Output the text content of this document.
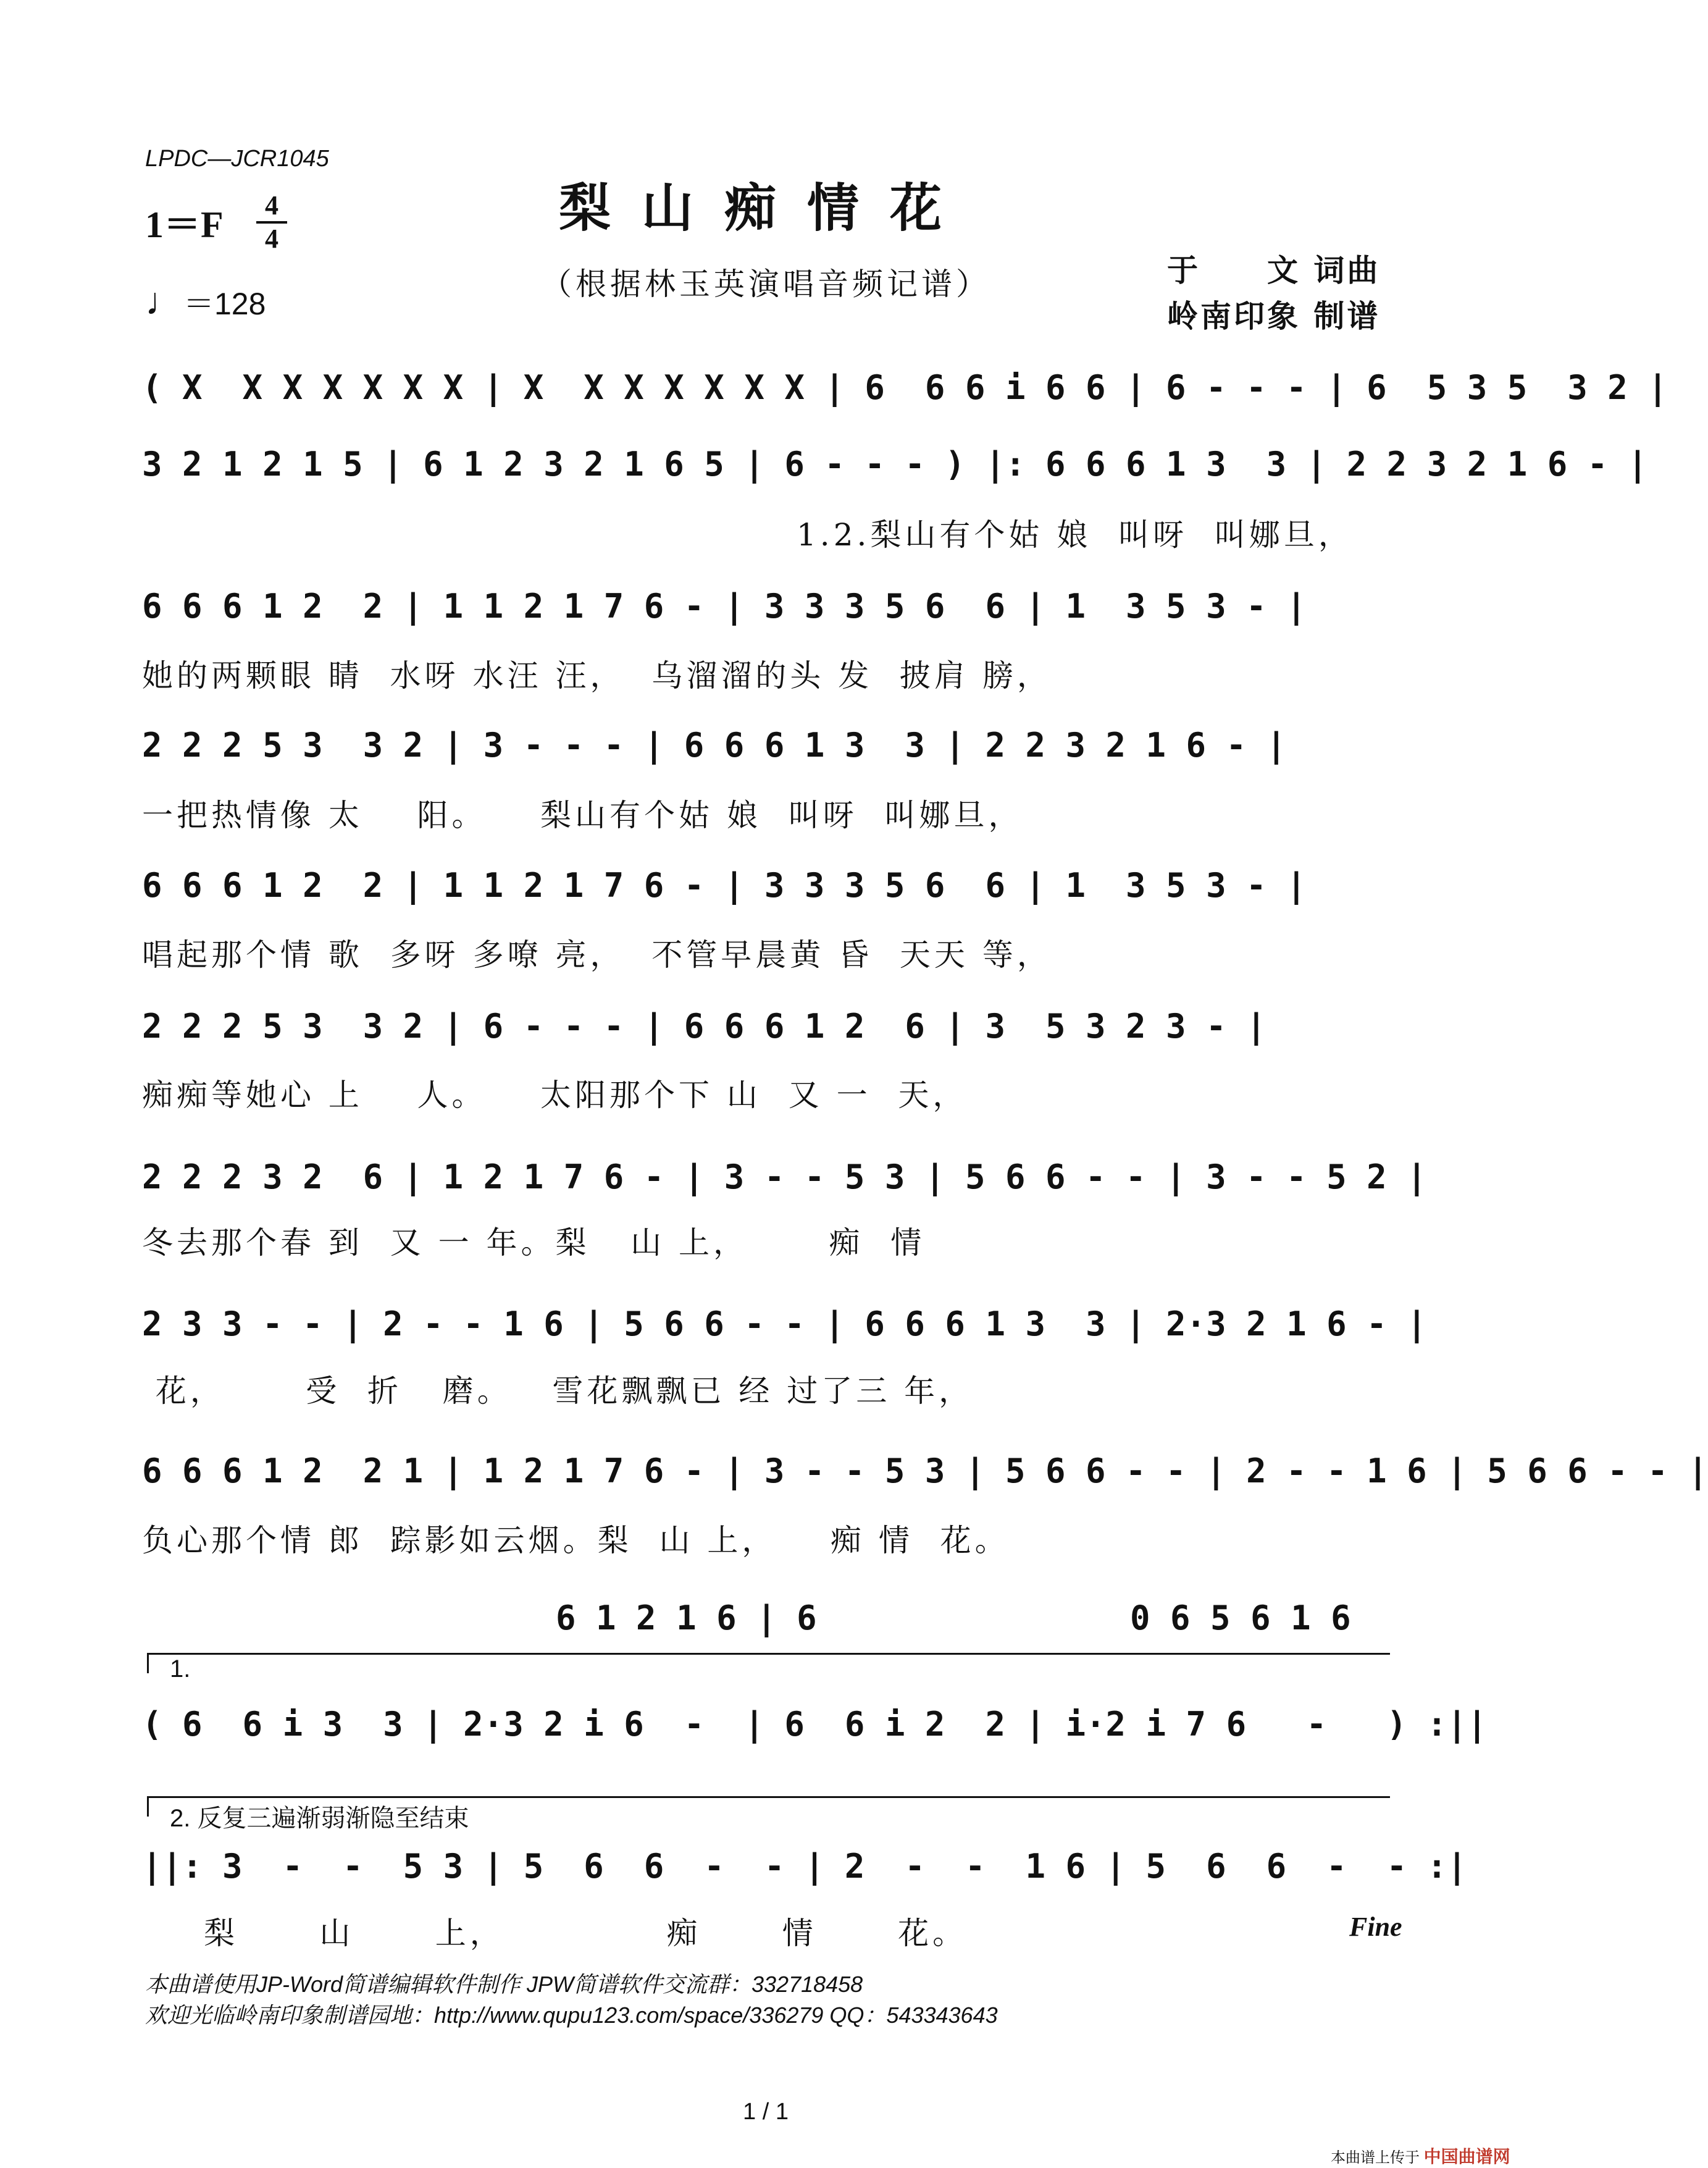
LPDC—JCR1045
梨山痴情花
（根据林玉英演唱音频记谱）
1＝F	4
4
♩＝128
于　　文 词曲
岭南印象 制谱
( X  X X X X X X | X  X X X X X X | 6  6 6 i 6 6 | 6 - - - | 6  5 3 5  3 2 |
3 2 1 2 1 5 | 6 1 2 3 2 1 6 5 | 6 - - - ) |: 6 6 6 1 3  3 | 2 2 3 2 1 6 - |
1.2.梨山有个姑 娘  叫呀  叫娜旦，
6 6 6 1 2  2 | 1 1 2 1 7 6 - | 3 3 3 5 6  6 | 1  3 5 3 - |
她的两颗眼 睛  水呀 水汪 汪，  乌溜溜的头 发  披肩 膀，
2 2 2 5 3  3 2 | 3 - - - | 6 6 6 1 3  3 | 2 2 3 2 1 6 - |
一把热情像 太    阳。    梨山有个姑 娘  叫呀  叫娜旦，
6 6 6 1 2  2 | 1 1 2 1 7 6 - | 3 3 3 5 6  6 | 1  3 5 3 - |
唱起那个情 歌  多呀 多嘹 亮，  不管早晨黄 昏  天天 等，
2 2 2 5 3  3 2 | 6 - - - | 6 6 6 1 2  6 | 3  5 3 2 3 - |
痴痴等她心 上    人。    太阳那个下 山  又 一  天，
2 2 2 3 2  6 | 1 2 1 7 6 - | 3 - - 5 3 | 5 6 6 - - | 3 - - 5 2 |
冬去那个春 到  又 一 年。梨   山 上，      痴  情
2 3 3 - - | 2 - - 1 6 | 5 6 6 - - | 6 6 6 1 3  3 | 2·3 2 1 6 - |
花，      受  折   磨。   雪花飘飘已 经 过了三 年，
6 6 6 1 2  2 1 | 1 2 1 7 6 - | 3 - - 5 3 | 5 6 6 - - | 2 - - 1 6 | 5 6 6 - - |
负心那个情 郎  踪影如云烟。梨  山 上，    痴 情  花。
6 1 2 1 6 | 6	0 6 5 6 1 6
1.
( 6  6 i 3  3 | 2·3 2 i 6  -  | 6  6 i 2  2 | i·2 i 7 6   -   ) :||
2. 反复三遍渐弱渐隐至结束
||: 3  -  -  5 3 | 5  6  6  -  - | 2  -  -  1 6 | 5  6  6  -  - :|
梨      山      上，            痴      情      花。	Fine
本曲谱使用JP-Word简谱编辑软件制作 JPW简谱软件交流群：332718458
欢迎光临岭南印象制谱园地：http://www.qupu123.com/space/336279 QQ：543343643
1 / 1
本曲谱上传于 中国曲谱网
